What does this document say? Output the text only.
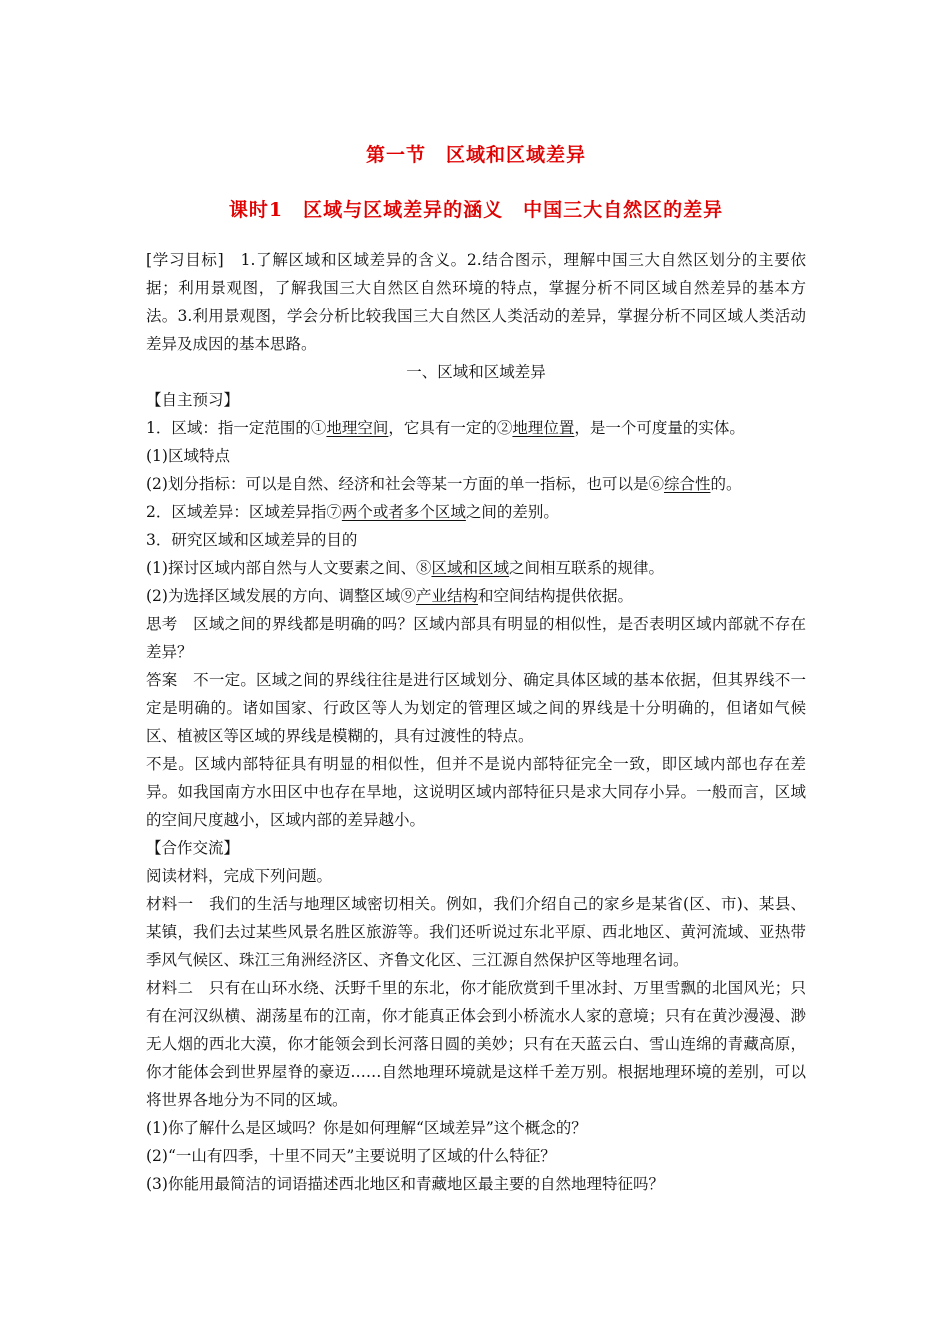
第一节　区域和区域差异
课时1　区域与区域差异的涵义　中国三大自然区的差异
[学习目标]　1.了解区域和区域差异的含义。2.结合图示，理解中国三大自然区划分的主要依据；利用景观图，了解我国三大自然区自然环境的特点，掌握分析不同区域自然差异的基本方法。3.利用景观图，学会分析比较我国三大自然区人类活动的差异，掌握分析不同区域人类活动差异及成因的基本思路。
一、区域和区域差异
【自主预习】
1．区域：指一定范围的①地理空间，它具有一定的②地理位置，是一个可度量的实体。
(1)区域特点
(2)划分指标：可以是自然、经济和社会等某一方面的单一指标，也可以是⑥综合性的。
2．区域差异：区域差异指⑦两个或者多个区域之间的差别。
3．研究区域和区域差异的目的
(1)探讨区域内部自然与人文要素之间、⑧区域和区域之间相互联系的规律。
(2)为选择区域发展的方向、调整区域⑨产业结构和空间结构提供依据。
思考　区域之间的界线都是明确的吗？区域内部具有明显的相似性，是否表明区域内部就不存在差异？
答案　不一定。区域之间的界线往往是进行区域划分、确定具体区域的基本依据，但其界线不一定是明确的。诸如国家、行政区等人为划定的管理区域之间的界线是十分明确的，但诸如气候区、植被区等区域的界线是模糊的，具有过渡性的特点。
不是。区域内部特征具有明显的相似性，但并不是说内部特征完全一致，即区域内部也存在差异。如我国南方水田区中也存在旱地，这说明区域内部特征只是求大同存小异。一般而言，区域的空间尺度越小，区域内部的差异越小。
【合作交流】
阅读材料，完成下列问题。
材料一　我们的生活与地理区域密切相关。例如，我们介绍自己的家乡是某省(区、市)、某县、某镇，我们去过某些风景名胜区旅游等。我们还听说过东北平原、西北地区、黄河流域、亚热带季风气候区、珠江三角洲经济区、齐鲁文化区、三江源自然保护区等地理名词。
材料二　只有在山环水绕、沃野千里的东北，你才能欣赏到千里冰封、万里雪飘的北国风光；只有在河汉纵横、湖荡星布的江南，你才能真正体会到小桥流水人家的意境；只有在黄沙漫漫、渺无人烟的西北大漠，你才能领会到长河落日圆的美妙；只有在天蓝云白、雪山连绵的青藏高原，你才能体会到世界屋脊的豪迈……自然地理环境就是这样千差万别。根据地理环境的差别，可以将世界各地分为不同的区域。
(1)你了解什么是区域吗？你是如何理解“区域差异”这个概念的？
(2)“一山有四季，十里不同天”主要说明了区域的什么特征？
(3)你能用最简洁的词语描述西北地区和青藏地区最主要的自然地理特征吗？
